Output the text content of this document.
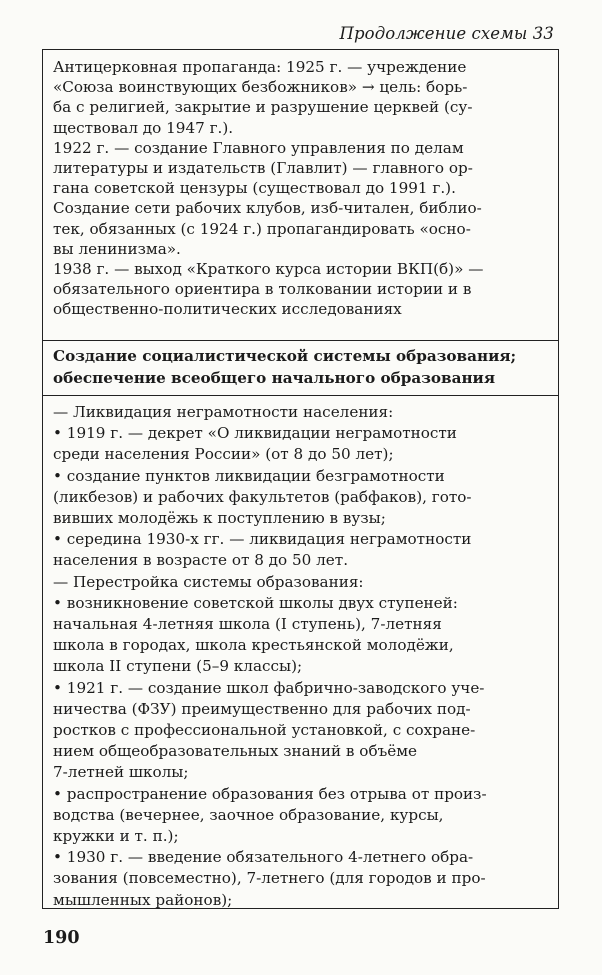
Продолжение схемы 33

Антицерковная пропаганда: 1925 г. — учреждение
«Союза воинствующих безбожников» → цель: борь-
ба с религией, закрытие и разрушение церквей (су-
ществовал до 1947 г.).

1922 г. — создание Главного управления по делам
литературы и издательств (Главлит) — главного ор-
гана советской цензуры (существовал до 1991 г.).

Создание сети рабочих клубов, изб-читален, библио-
тек, обязанных (с 1924 г.) пропагандировать «осно-
вы ленинизма».

1938 г. — выход «Краткого курса истории ВКП(б)» —
обязательного ориентира в толковании истории и в
общественно-политических исследованиях

Создание социалистической системы образования;
обеспечение всеобщего начального образования

— Ликвидация неграмотности населения:

• 1919 г. — декрет «О ликвидации неграмотности
среди населения России» (от 8 до 50 лет);

• создание пунктов ликвидации безграмотности
(ликбезов) и рабочих факультетов (рабфаков), гото-
вивших молодёжь к поступлению в вузы;

• середина 1930-х гг. — ликвидация неграмотности
населения в возрасте от 8 до 50 лет.

— Перестройка системы образования:

• возникновение советской школы двух ступеней:
начальная 4-летняя школа (I ступень), 7-летняя
школа в городах, школа крестьянской молодёжи,
школа II ступени (5–9 классы);

• 1921 г. — создание школ фабрично-заводского уче-
ничества (ФЗУ) преимущественно для рабочих под-
ростков с профессиональной установкой, с сохране-
нием общеобразовательных знаний в объёме
7-летней школы;

• распространение образования без отрыва от произ-
водства (вечернее, заочное образование, курсы,
кружки и т. п.);

• 1930 г. — введение обязательного 4-летнего обра-
зования (повсеместно), 7-летнего (для городов и про-
мышленных районов);

190
